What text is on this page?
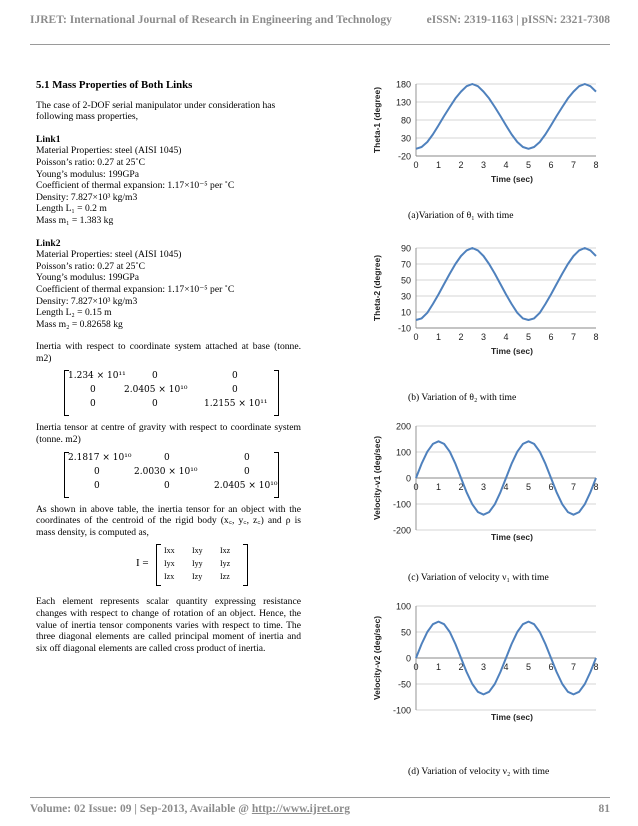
IJRET: International Journal of Research in Engineering and Technology	eISSN: 2319-1163 | pISSN: 2321-7308

5.1 Mass Properties of Both Links

The case of 2-DOF serial manipulator under consideration has following mass properties,

Link1

Material Properties: steel (AISI 1045)

Poisson’s ratio: 0.27 at 25˚C

Young’s modulus: 199GPa

Coefficient of thermal expansion: 1.17×10⁻⁵ per ˚C

Density: 7.827×10³ kg/m3

Length L₁ = 0.2 m

Mass m₁ = 1.383 kg

Link2

Material Properties: steel (AISI 1045)

Poisson’s ratio: 0.27 at 25˚C

Young’s modulus: 199GPa

Coefficient of thermal expansion: 1.17×10⁻⁵ per ˚C

Density: 7.827×10³ kg/m3

Length L₂ = 0.15 m

Mass m₂ = 0.82658 kg

Inertia with respect to coordinate system attached at base (tonne. m2)

1.234 × 10¹¹	0	0
0	2.0405 × 10¹⁰	0
0	0	1.2155 × 10¹¹

Inertia tensor at centre of gravity with respect to coordinate system (tonne. m2)

2.1817 × 10¹⁰	0	0
0	2.0030 × 10¹⁰	0
0	0	2.0405 × 10¹⁰

As shown in above table, the inertia tensor for an object with the coordinates of the centroid of the rigid body (x꜀, y꜀, z꜀) and ρ is mass density, is computed as,

I =
Ixx Ixy Ixz
Iyx Iyy Iyz
Izx Izy Izz

Each element represents scalar quantity expressing resistance changes with respect to change of rotation of an object. Hence, the value of inertia tensor components varies with respect to time. The three diagonal elements are called principal moment of inertia and six off diagonal elements are called cross product of inertia.

-20
30
80
130
180
0 1 2 3 4 5 6 7 8
Time (sec)
Theta-1 (degree)
(a)Variation of θ₁ with time
-10
10
30
50
70
90
0 1 2 3 4 5 6 7 8
Time (sec)
Theta-2 (degree)
(b) Variation of θ₂ with time
-200
-100
0
100
200
0 1 2 3 4 5 6 7 8
Time (sec)
Velocity-v1 (deg/sec)
(c) Variation of velocity ν₁ with time
-100
-50
0
50
100
0 1 2 3 4 5 6 7 8
Time (sec)
Velocity-v2 (deg/sec)
(d) Variation of velocity ν₂ with time
Volume: 02 Issue: 09 | Sep-2013, Available @ http://www.ijret.org	81
